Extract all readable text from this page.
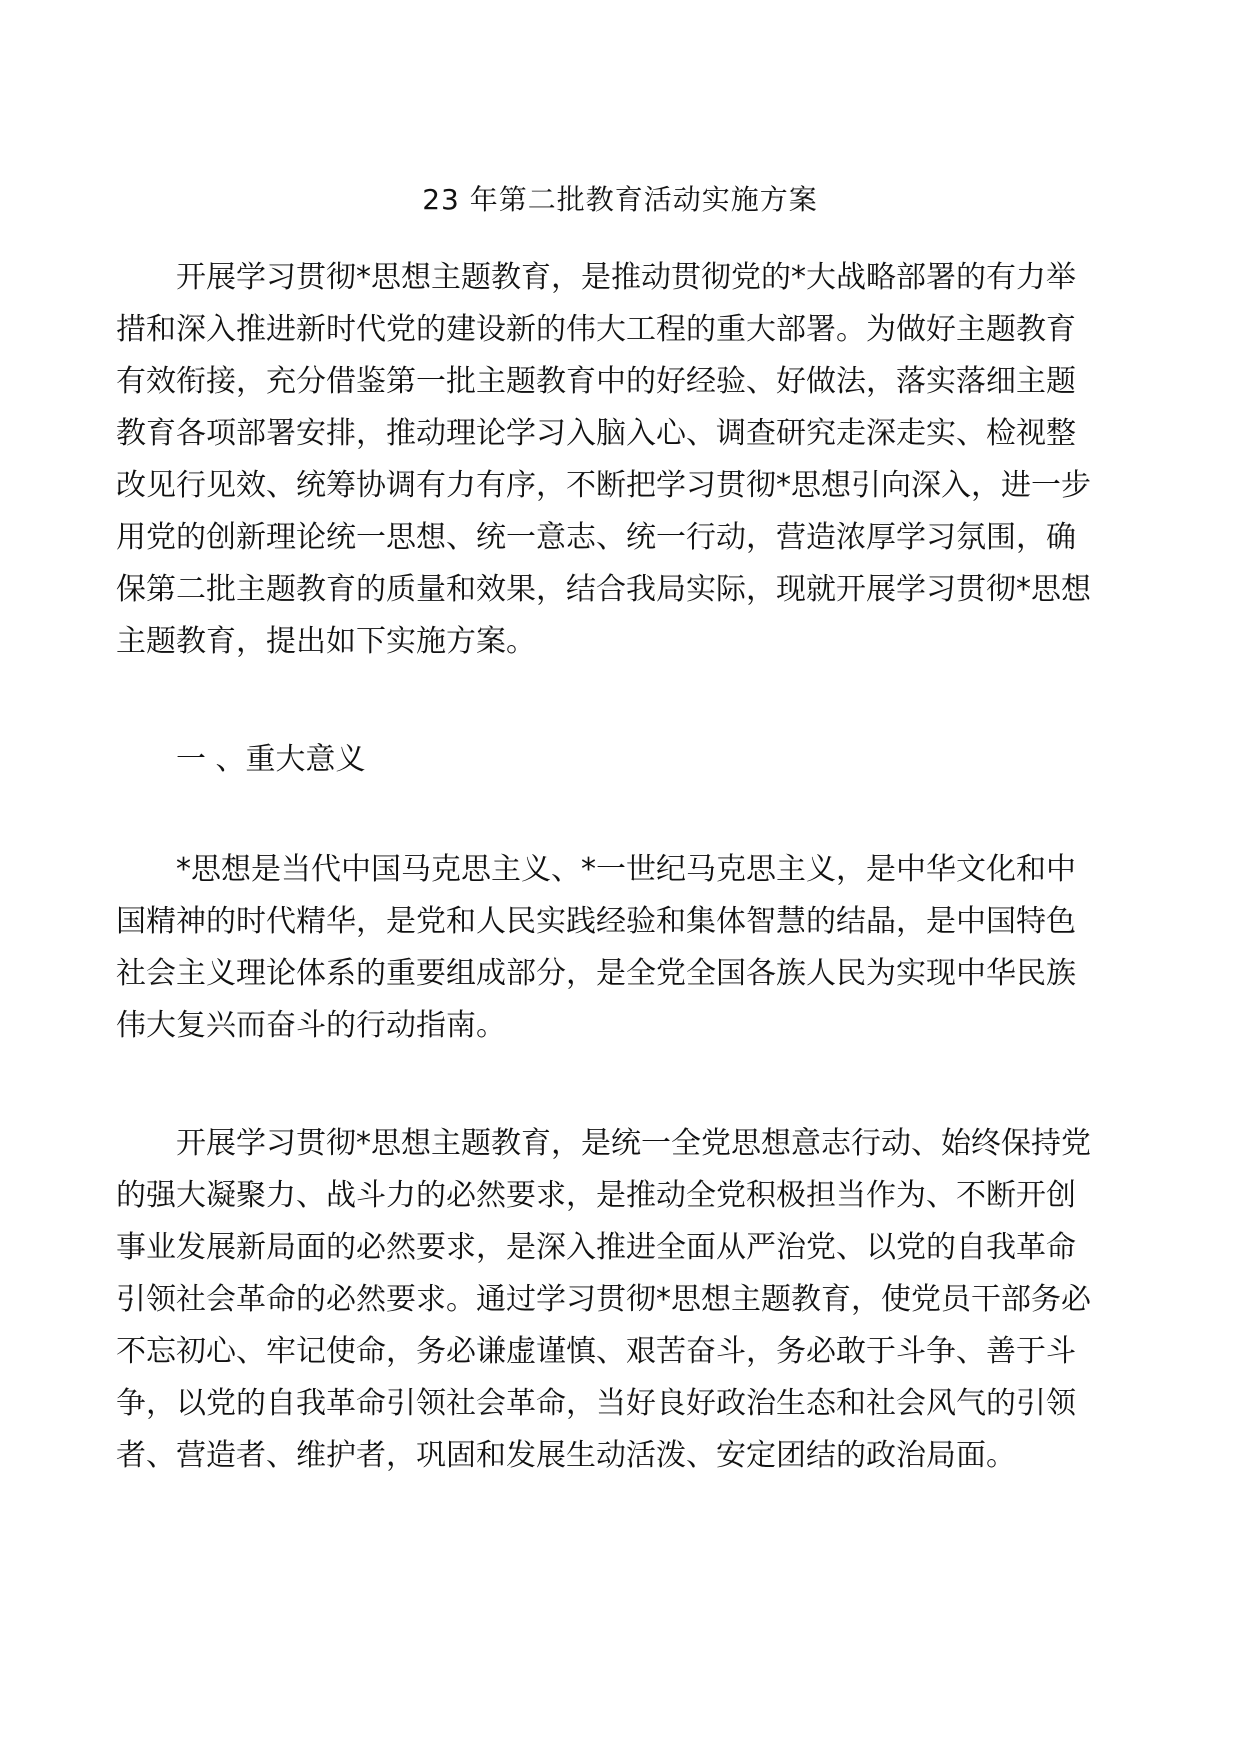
23 年第二批教育活动实施方案

开展学习贯彻*思想主题教育，是推动贯彻党的*大战略部署的有力举

措和深入推进新时代党的建设新的伟大工程的重大部署。为做好主题教育

有效衔接，充分借鉴第一批主题教育中的好经验、好做法，落实落细主题

教育各项部署安排，推动理论学习入脑入心、调查研究走深走实、检视整

改见行见效、统筹协调有力有序，不断把学习贯彻*思想引向深入，进一步

用党的创新理论统一思想、统一意志、统一行动，营造浓厚学习氛围，确

保第二批主题教育的质量和效果，结合我局实际，现就开展学习贯彻*思想

主题教育，提出如下实施方案。

一 、重大意义

*思想是当代中国马克思主义、*一世纪马克思主义，是中华文化和中

国精神的时代精华，是党和人民实践经验和集体智慧的结晶，是中国特色

社会主义理论体系的重要组成部分，是全党全国各族人民为实现中华民族

伟大复兴而奋斗的行动指南。

开展学习贯彻*思想主题教育，是统一全党思想意志行动、始终保持党

的强大凝聚力、战斗力的必然要求，是推动全党积极担当作为、不断开创

事业发展新局面的必然要求，是深入推进全面从严治党、以党的自我革命

引领社会革命的必然要求。通过学习贯彻*思想主题教育，使党员干部务必

不忘初心、牢记使命，务必谦虚谨慎、艰苦奋斗，务必敢于斗争、善于斗

争，以党的自我革命引领社会革命，当好良好政治生态和社会风气的引领

者、营造者、维护者，巩固和发展生动活泼、安定团结的政治局面。
